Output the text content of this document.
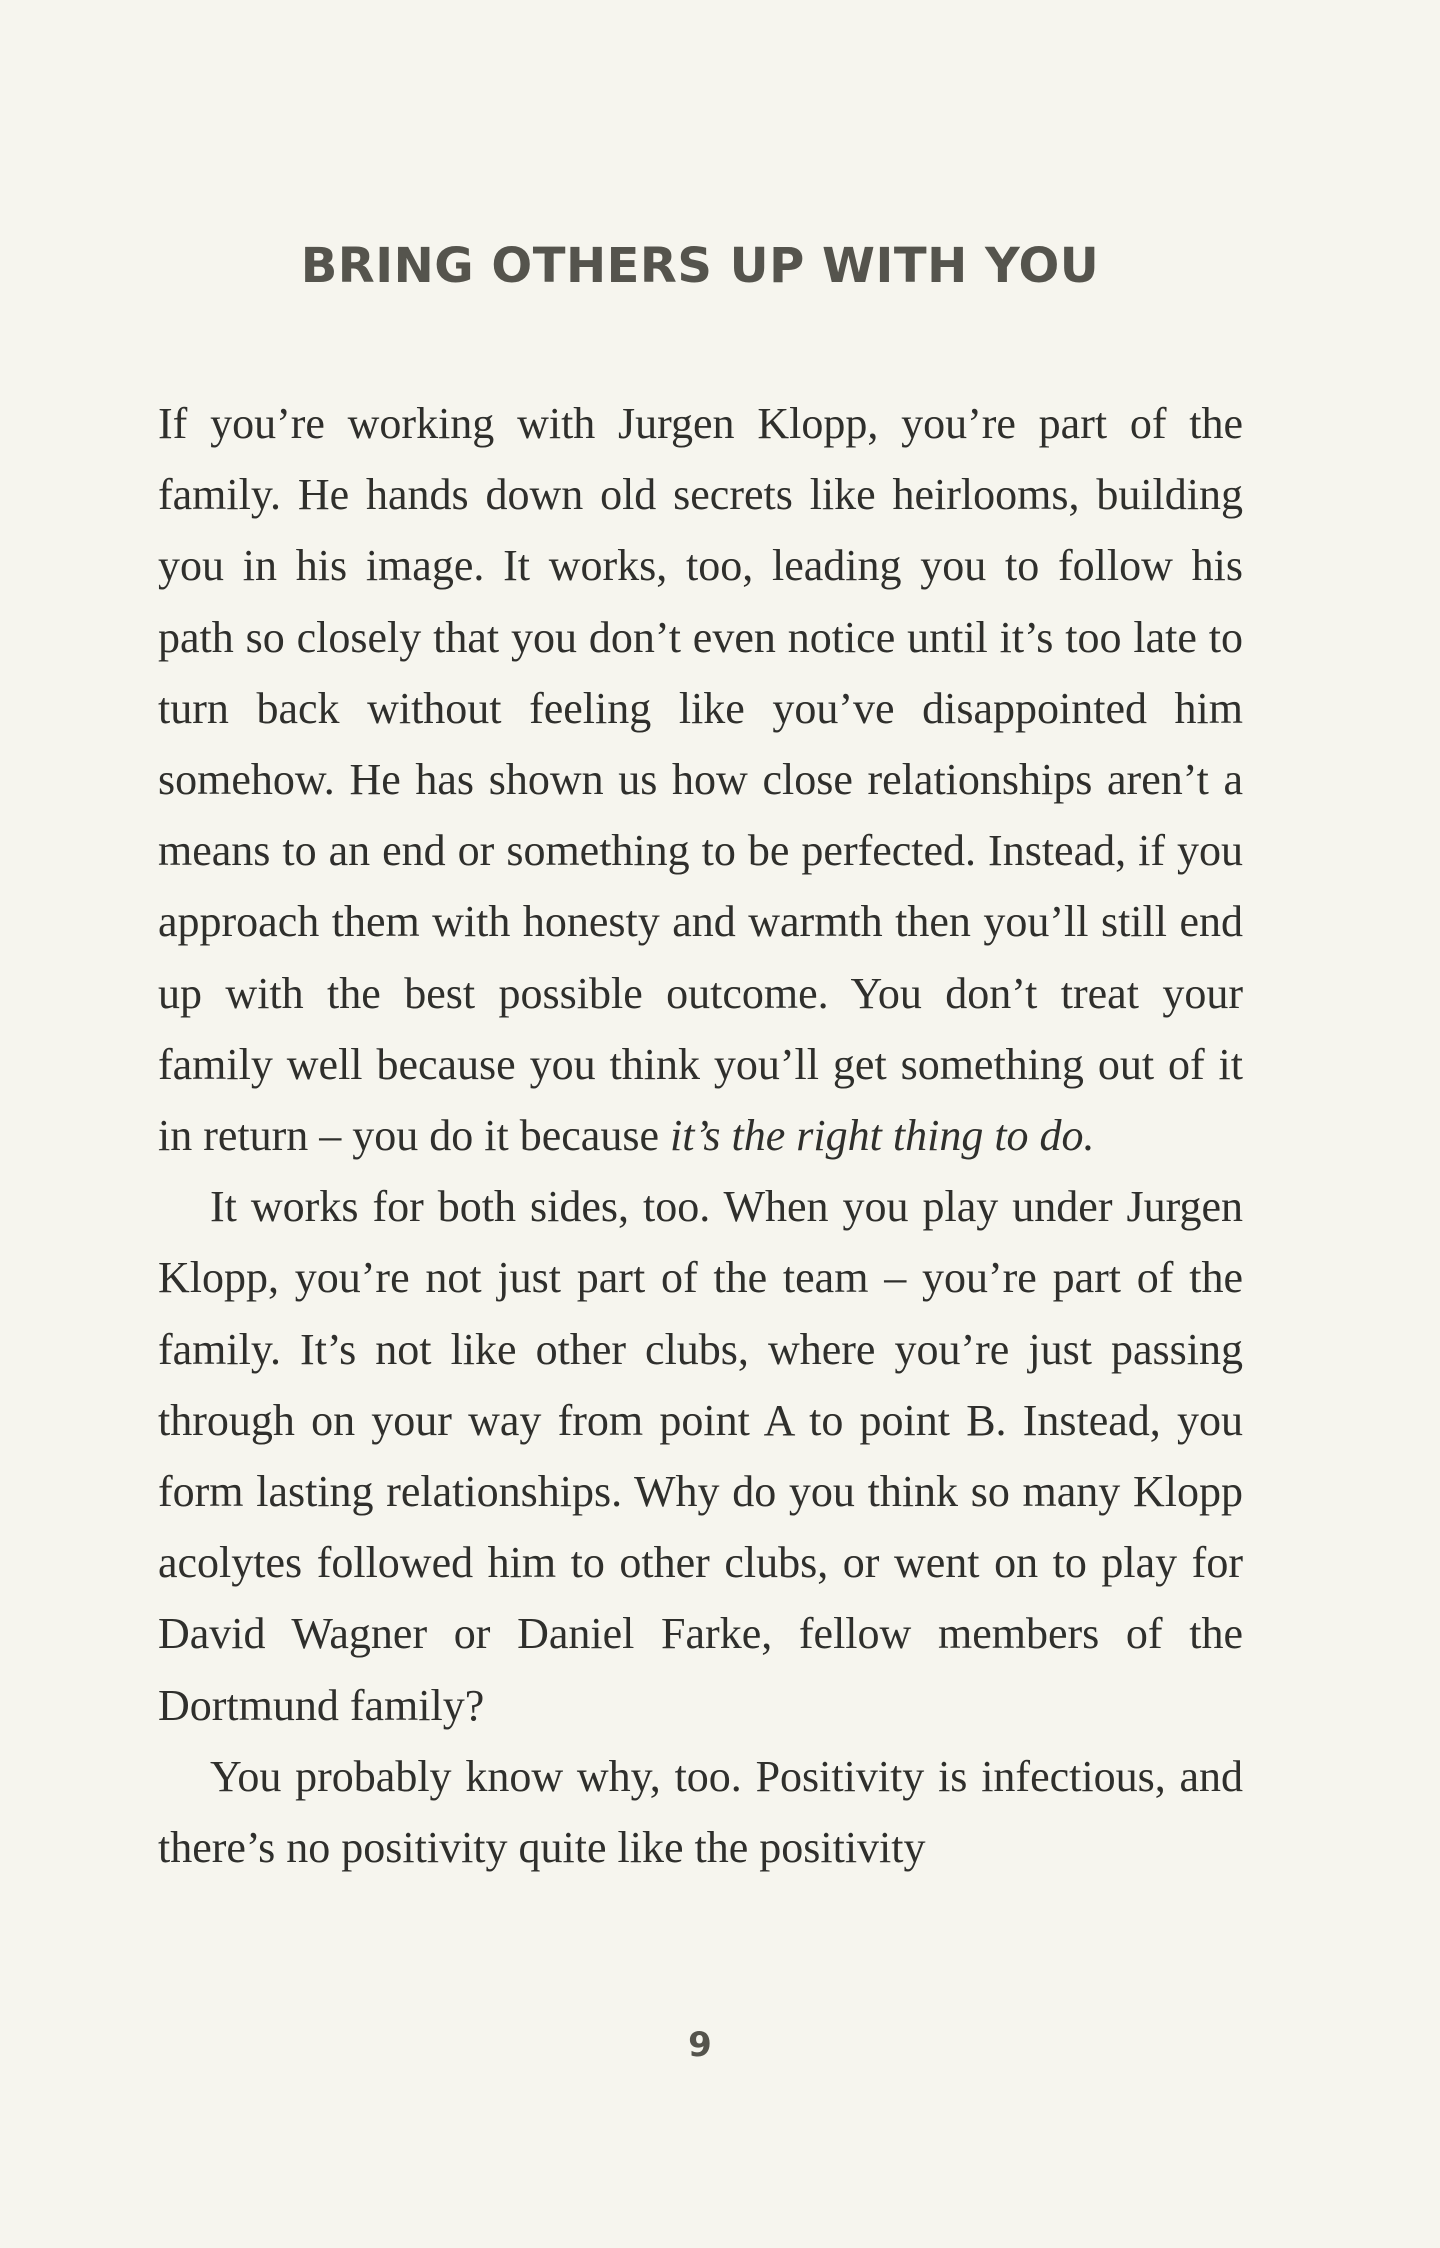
BRING OTHERS UP WITH YOU

If you’re working with Jurgen Klopp, you’re part of the family. He hands down old secrets like heirlooms, building you in his image. It works, too, leading you to follow his path so closely that you don’t even notice until it’s too late to turn back without feeling like you’ve disappointed him somehow. He has shown us how close relationships aren’t a means to an end or something to be perfected. Instead, if you approach them with honesty and warmth then you’ll still end up with the best possible outcome. You don’t treat your family well because you think you’ll get something out of it in return – you do it because it’s the right thing to do.

It works for both sides, too. When you play under Jurgen Klopp, you’re not just part of the team – you’re part of the family. It’s not like other clubs, where you’re just passing through on your way from point A to point B. Instead, you form lasting relationships. Why do you think so many Klopp acolytes followed him to other clubs, or went on to play for David Wagner or Daniel Farke, fellow members of the Dortmund family?

You probably know why, too. Positivity is infectious, and there’s no positivity quite like the positivity

9
